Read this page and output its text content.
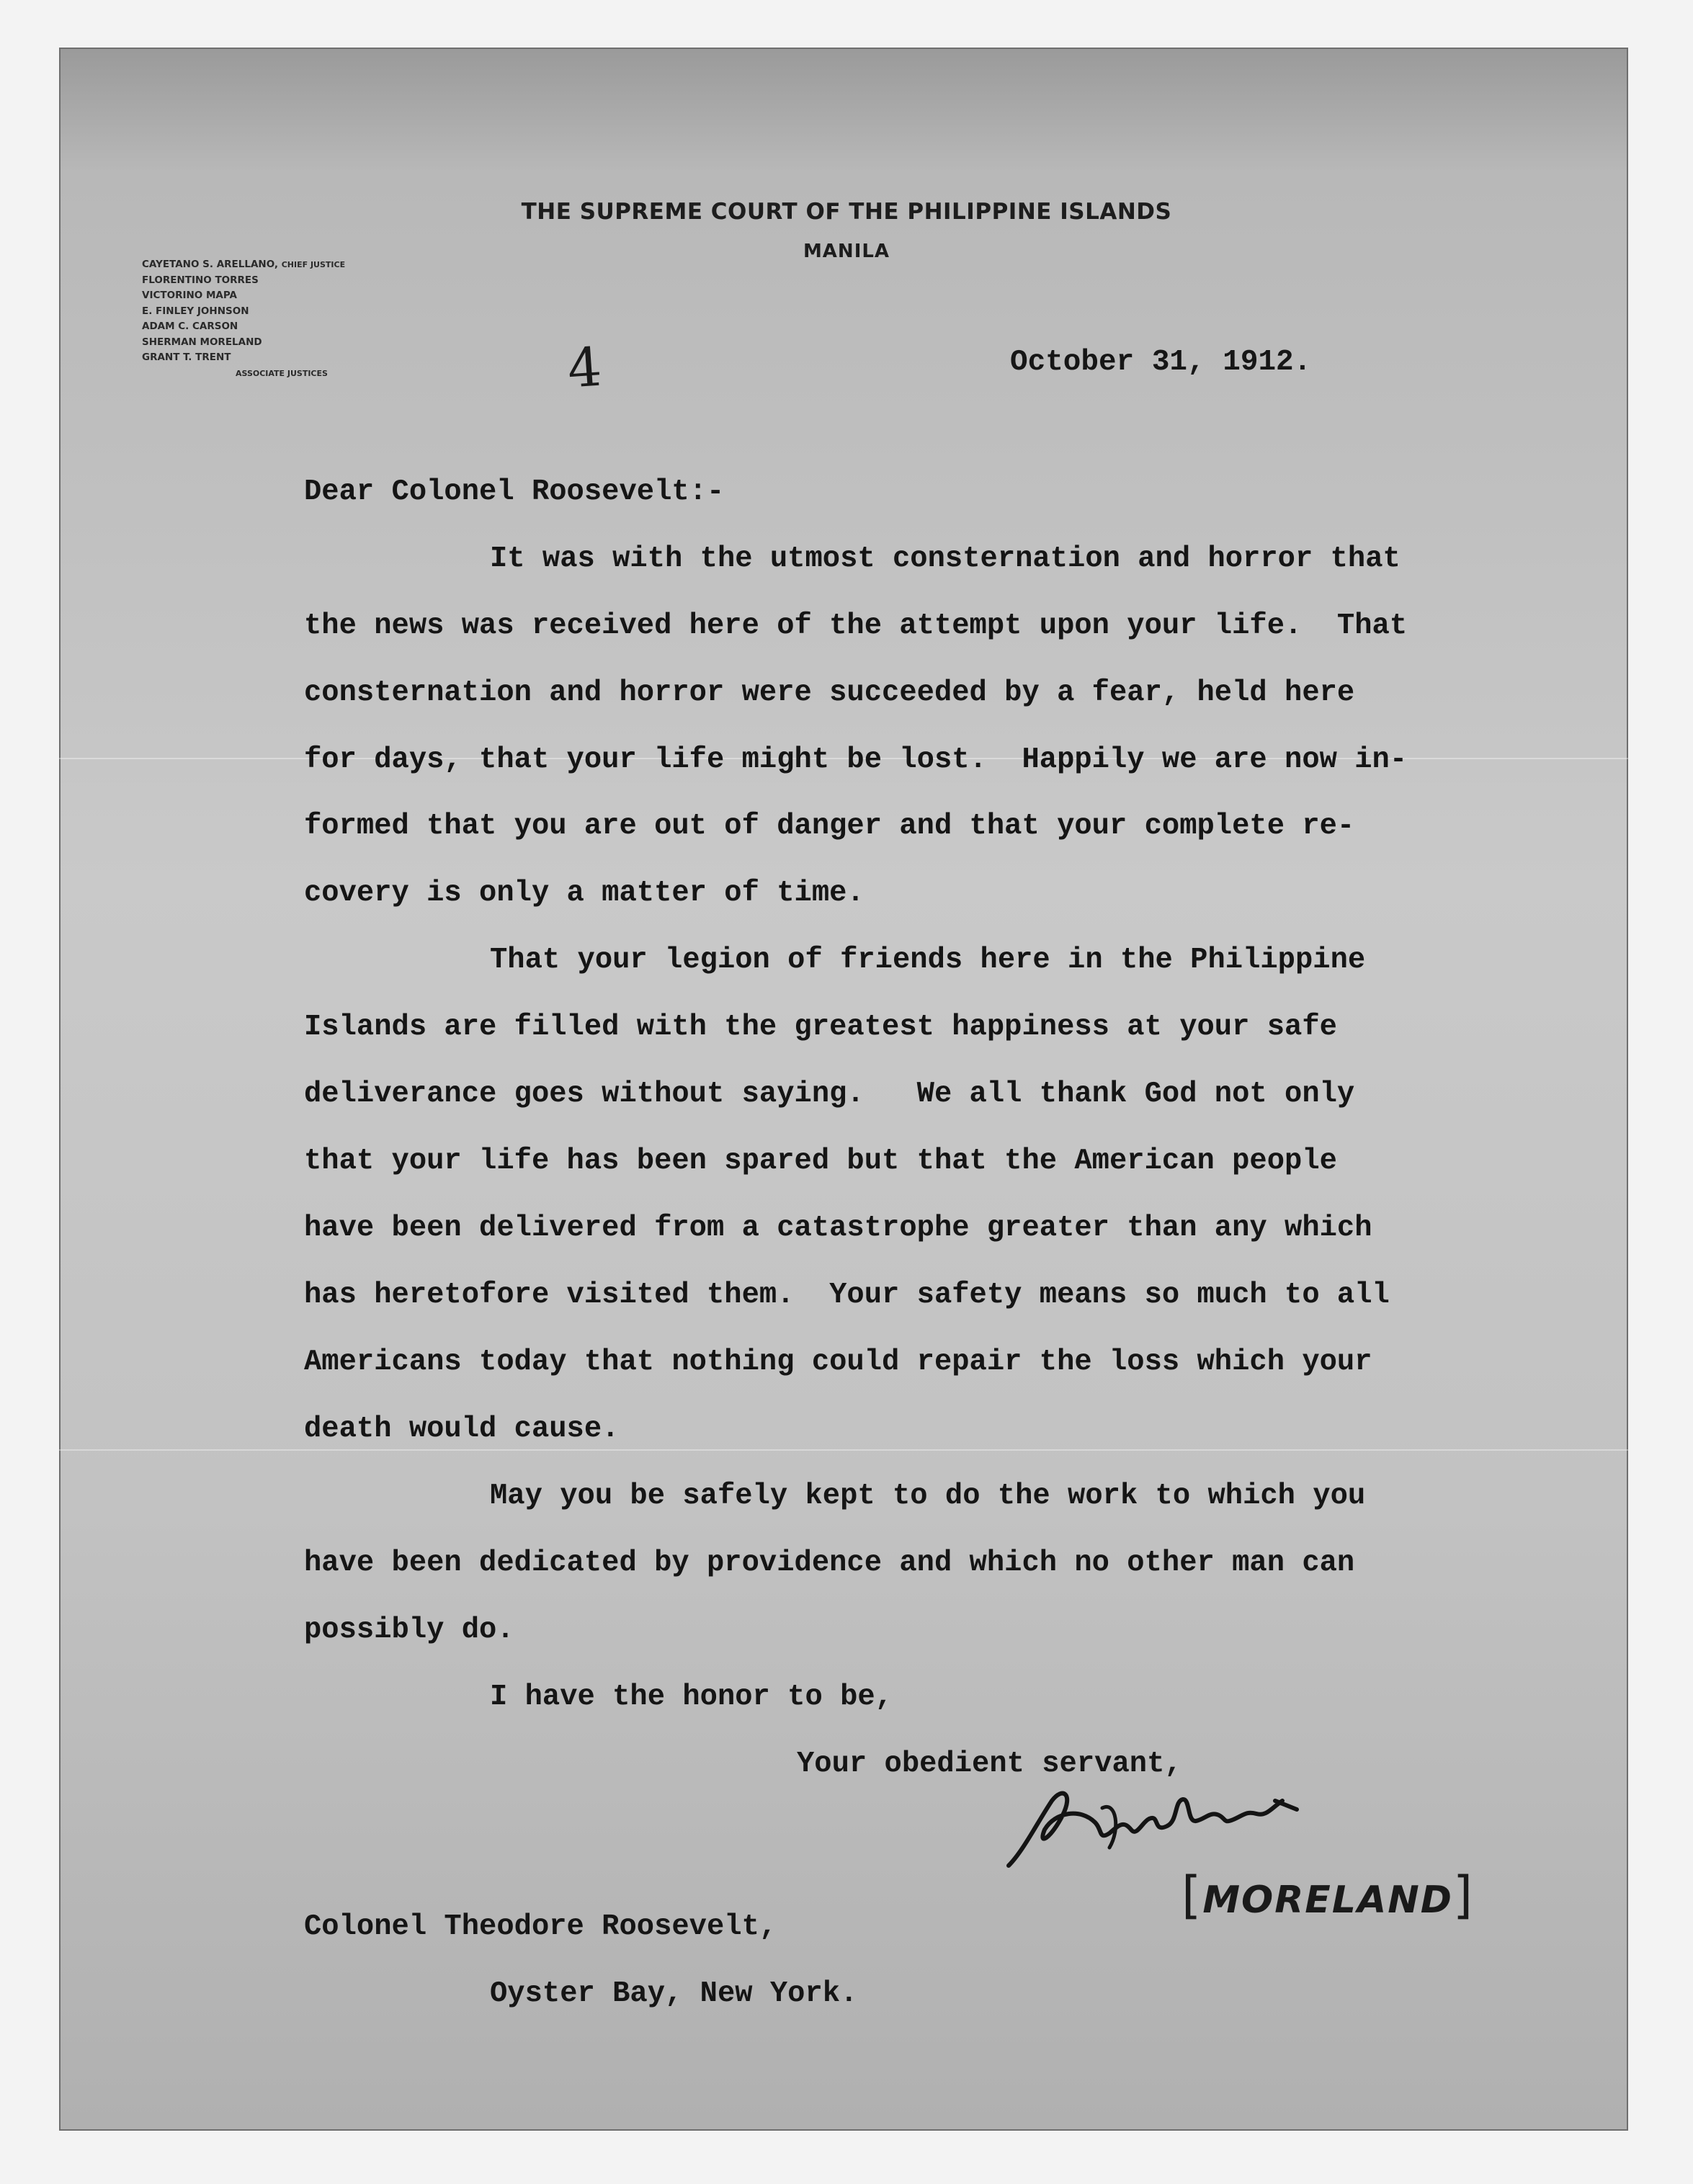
THE SUPREME COURT OF THE PHILIPPINE ISLANDS
MANILA
CAYETANO S. ARELLANO, CHIEF JUSTICE
FLORENTINO TORRES
VICTORINO MAPA
E. FINLEY JOHNSON
ADAM C. CARSON
SHERMAN MORELAND
GRANT T. TRENT
ASSOCIATE JUSTICES	4	October 31, 1912.
Dear Colonel Roosevelt:-
It was with the utmost consternation and horror that
the news was received here of the attempt upon your life.  That
consternation and horror were succeeded by a fear, held here
for days, that your life might be lost.  Happily we are now in-
formed that you are out of danger and that your complete re-
covery is only a matter of time.
That your legion of friends here in the Philippine
Islands are filled with the greatest happiness at your safe
deliverance goes without saying.   We all thank God not only
that your life has been spared but that the American people
have been delivered from a catastrophe greater than any which
has heretofore visited them.  Your safety means so much to all
Americans today that nothing could repair the loss which your
death would cause.
May you be safely kept to do the work to which you
have been dedicated by providence and which no other man can
possibly do.
I have the honor to be,
Your obedient servant,
[MORELAND]
Colonel Theodore Roosevelt,
Oyster Bay, New York.
